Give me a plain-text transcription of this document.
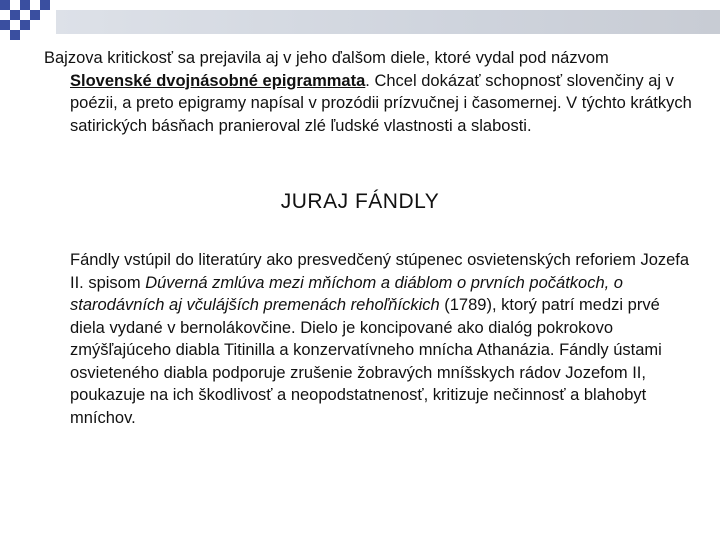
Bajzova kritickosť sa prejavila aj v jeho ďalšom diele, ktoré vydal pod názvom Slovenské dvojnásobné epigrammata. Chcel dokázať schopnosť slovenčiny aj v poézii, a preto epigramy napísal v prozódii prízvučnej i časomernej. V týchto krátkych satirických básňach pranieroval zlé ľudské vlastnosti a slabosti.
JURAJ FÁNDLY
Fándly vstúpil do literatúry ako presvedčený stúpenec osvietenských reforiem Jozefa II. spisom Dúverná zmlúva mezi mňíchom a diáblom o prvních počátkoch, o starodávních aj včulájších premenách rehoľňíckich (1789), ktorý patrí medzi prvé diela vydané v bernolákovčine. Dielo je koncipované ako dialóg pokrokovo zmýšľajúceho diabla Titinilla a konzervatívneho mnícha Athanázia. Fándly ústami osvieteného diabla podporuje zrušenie žobravých mníšskych rádov Jozefom II, poukazuje na ich škodlivosť a neopodstatnenosť, kritizuje nečinnosť a blahobyt mníchov.
